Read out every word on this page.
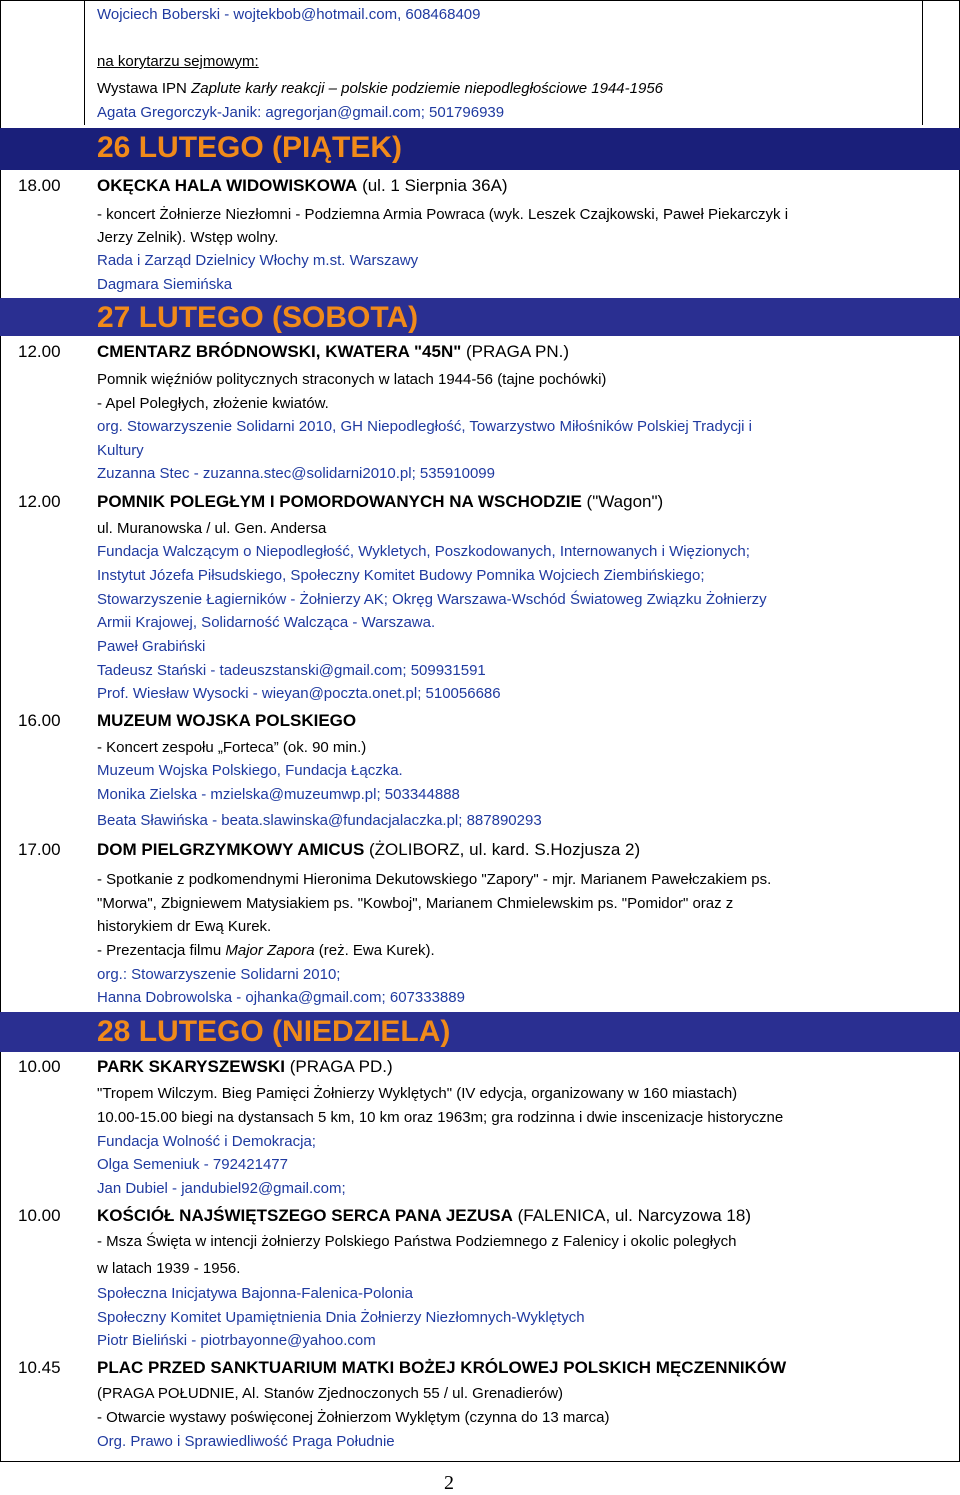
Wojciech Boberski - wojtekbob@hotmail.com, 608468409
na korytarzu sejmowym:
Wystawa IPN Zaplute karły reakcji – polskie podziemie niepodległościowe 1944-1956
Agata Gregorczyk-Janik: agregorjan@gmail.com; 501796939
26 LUTEGO (PIĄTEK)
18.00 OKĘCKA HALA WIDOWISKOWA (ul. 1 Sierpnia 36A)
- koncert Żołnierze Niezłomni - Podziemna Armia Powraca (wyk. Leszek Czajkowski, Paweł Piekarczyk i
Jerzy Zelnik). Wstęp wolny.
Rada i Zarząd Dzielnicy Włochy m.st. Warszawy
Dagmara Siemińska
27 LUTEGO (SOBOTA)
12.00 CMENTARZ BRÓDNOWSKI, KWATERA "45N" (PRAGA PN.)
Pomnik więźniów politycznych straconych w latach 1944-56 (tajne pochówki)
- Apel Poległych, złożenie kwiatów.
org. Stowarzyszenie Solidarni 2010, GH Niepodległość, Towarzystwo Miłośników Polskiej Tradycji i
Kultury
Zuzanna Stec - zuzanna.stec@solidarni2010.pl; 535910099
12.00 POMNIK POLEGŁYM I POMORDOWANYCH NA WSCHODZIE ("Wagon")
ul. Muranowska / ul. Gen. Andersa
Fundacja Walczącym o Niepodległość, Wykletych, Poszkodowanych, Internowanych i Więzionych;
Instytut Józefa Piłsudskiego, Społeczny Komitet Budowy Pomnika Wojciech Ziembińskiego;
Stowarzyszenie Łagierników - Żołnierzy AK; Okręg Warszawa-Wschód Światoweg Związku Żołnierzy
Armii Krajowej, Solidarność Walcząca - Warszawa.
Paweł Grabiński
Tadeusz Stański - tadeuszstanski@gmail.com; 509931591
Prof. Wiesław Wysocki - wieyan@poczta.onet.pl; 510056686
16.00 MUZEUM WOJSKA POLSKIEGO
- Koncert zespołu „Forteca” (ok. 90 min.)
Muzeum Wojska Polskiego, Fundacja Łączka.
Monika Zielska - mzielska@muzeumwp.pl; 503344888
Beata Sławińska - beata.slawinska@fundacjalaczka.pl; 887890293
17.00 DOM PIELGRZYMKOWY AMICUS (ŻOLIBORZ, ul. kard. S.Hozjusza 2)
- Spotkanie z podkomendnymi Hieronima Dekutowskiego "Zapory" - mjr. Marianem Pawełczakiem ps.
"Morwa", Zbigniewem Matysiakiem ps. "Kowboj", Marianem Chmielewskim ps. "Pomidor" oraz z
historykiem dr Ewą Kurek.
- Prezentacja filmu Major Zapora (reż. Ewa Kurek).
org.: Stowarzyszenie Solidarni 2010;
Hanna Dobrowolska - ojhanka@gmail.com; 607333889
28 LUTEGO (NIEDZIELA)
10.00 PARK SKARYSZEWSKI (PRAGA PD.)
"Tropem Wilczym. Bieg Pamięci Żołnierzy Wyklętych" (IV edycja, organizowany w 160 miastach)
10.00-15.00 biegi na dystansach 5 km, 10 km oraz 1963m; gra rodzinna i dwie inscenizacje historyczne
Fundacja Wolność i Demokracja;
Olga Semeniuk - 792421477
Jan Dubiel - jandubiel92@gmail.com;
10.00 KOŚCIÓŁ NAJŚWIĘTSZEGO SERCA PANA JEZUSA (FALENICA, ul. Narcyzowa 18)
- Msza Święta w intencji żołnierzy Polskiego Państwa Podziemnego z Falenicy i okolic poległych
w latach 1939 - 1956.
Społeczna Inicjatywa Bajonna-Falenica-Polonia
Społeczny Komitet Upamiętnienia Dnia Żołnierzy Niezłomnych-Wyklętych
Piotr Bieliński - piotrbayonne@yahoo.com
10.45 PLAC PRZED SANKTUARIUM MATKI BOŻEJ KRÓLOWEJ POLSKICH MĘCZENNIKÓW
(PRAGA POŁUDNIE, Al. Stanów Zjednoczonych 55 / ul. Grenadierów)
- Otwarcie wystawy poświęconej Żołnierzom Wyklętym (czynna do 13 marca)
Org. Prawo i Sprawiedliwość Praga Południe
2
